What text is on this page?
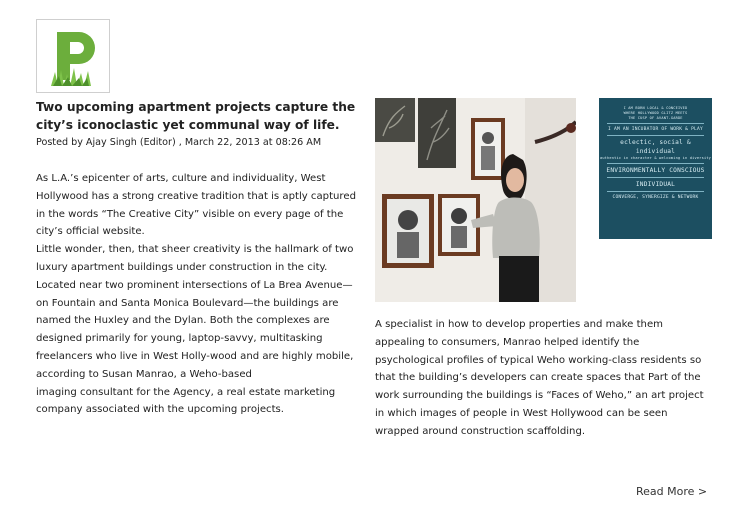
Two upcoming apartment projects capture the city’s iconoclastic yet communal way of life.
Posted by Ajay Singh (Editor) , March 22, 2013 at 08:26 AM

As L.A.’s epicenter of arts, culture and individuality, West
Hollywood has a strong creative tradition that is aptly captured in the words “The Creative City” visible on every page of the city’s official website.

Little wonder, then, that sheer creativity is the hallmark of two luxury apartment buildings under construction in the city.

Located near two prominent intersections of La Brea Avenue—on Fountain and Santa Monica Boulevard—the buildings are named the Huxley and the Dylan. Both the complexes are designed primarily for young, laptop-savvy, multitasking freelancers who live in West Holly-wood and are highly mobile, according to Susan Manrao, a Weho-based
imaging consultant for the Agency, a real estate marketing company associated with the upcoming projects.

I AM BORN LOCAL & CONCEIVED
WHERE HOLLYWOOD GLITZ MEETS
THE CUSP OF AVANT-GARDE
I AM AN INCUBATOR OF WORK & PLAY
eclectic, social & individual
authentic in character & welcoming in diversity
ENVIRONMENTALLY CONSCIOUS
INDIVIDUAL
CONVERGE, SYNERGIZE & NETWORK
A specialist in how to develop properties and make them appealing to consumers, Manrao helped identify the psychological profiles of typical Weho working-class residents so that the building’s developers can create spaces that Part of the work surrounding the buildings is “Faces of Weho,” an art project in which images of people in West Hollywood can be seen wrapped around construction scaffolding.
Read More >
